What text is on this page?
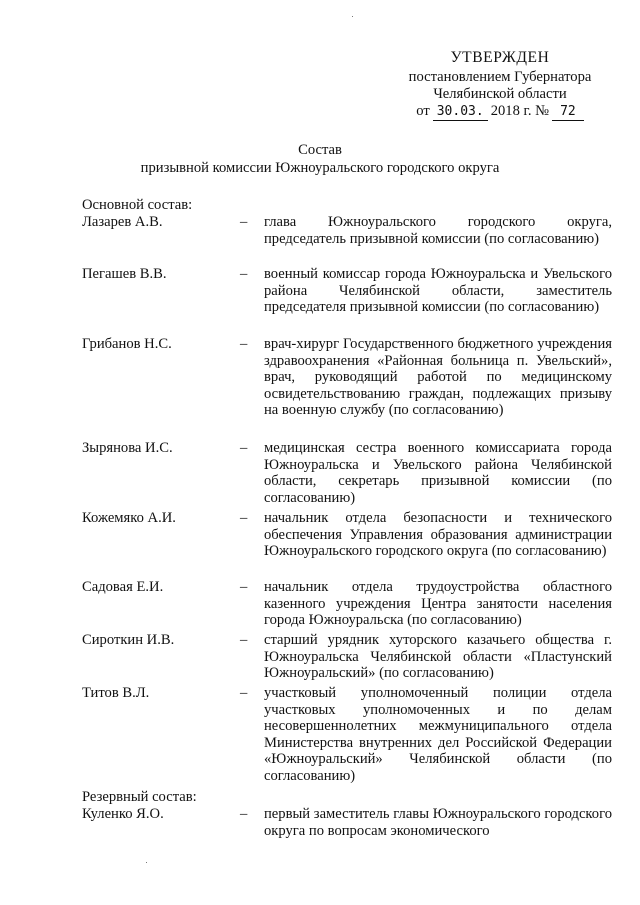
УТВЕРЖДЕН
постановлением Губернатора
Челябинской области
от 30.03. 2018 г. № 72
Состав
призывной комиссии Южноуральского городского округа
Основной состав:
Лазарев А.В.	–	глава Южноуральского городского округа, председатель призывной комиссии (по согласованию)
Пегашев В.В.	–	военный комиссар города Южноуральска и Увельского района Челябинской области, заместитель председателя призывной комиссии (по согласованию)
Грибанов Н.С.	–	врач-хирург Государственного бюджетного учреждения здравоохранения «Районная больница п. Увельский», врач, руководящий работой по медицинскому освидетельствованию граждан, подлежащих призыву на военную службу (по согласованию)
Зырянова И.С.	–	медицинская сестра военного комиссариата города Южноуральска и Увельского района Челябинской области, секретарь призывной комиссии (по согласованию)
Кожемяко А.И.	–	начальник отдела безопасности и технического обеспечения Управления образования администрации Южноуральского городского округа (по согласованию)
Садовая Е.И.	–	начальник отдела трудоустройства областного казенного учреждения Центра занятости населения города Южноуральска (по согласованию)
Сироткин И.В.	–	старший урядник хуторского казачьего общества г. Южноуральска Челябинской области «Пластунский Южноуральский» (по согласованию)
Титов В.Л.	–	участковый уполномоченный полиции отдела участковых уполномоченных и по делам несовершеннолетних межмуниципального отдела Министерства внутренних дел Российской Федерации «Южноуральский» Челябинской области (по согласованию)
Резервный состав:
Куленко Я.О.	–	первый заместитель главы Южноуральского городского округа по вопросам экономического
